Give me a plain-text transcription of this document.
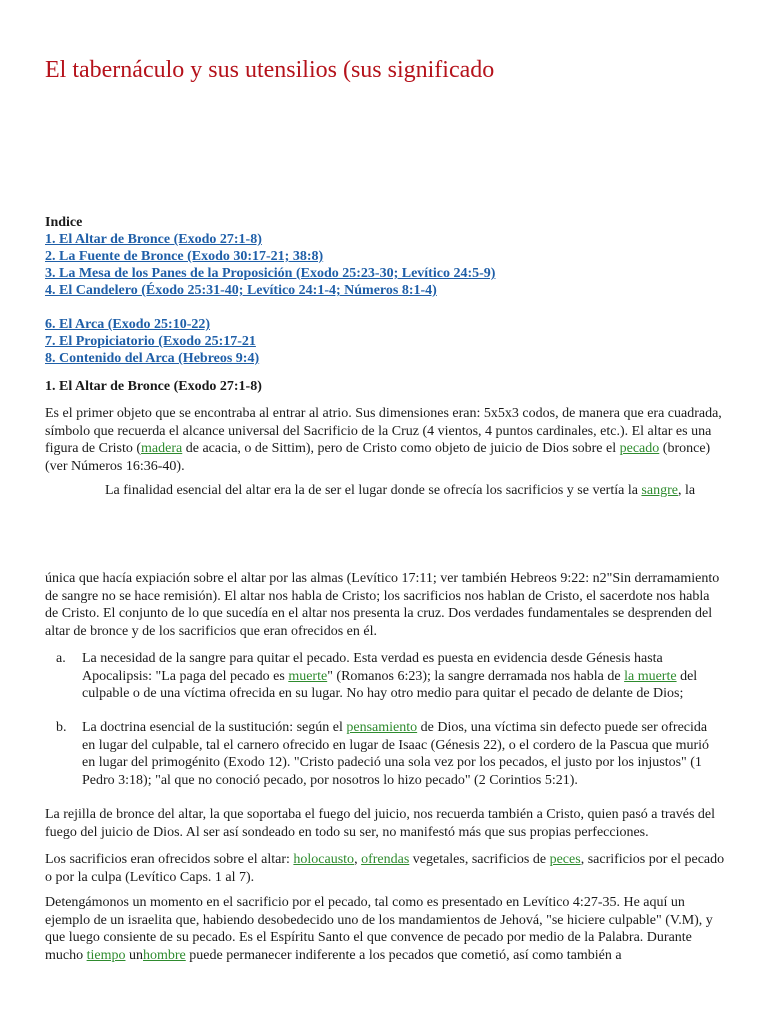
El tabernáculo y sus utensilios (sus significado
Indice
1. El Altar de Bronce (Exodo 27:1-8)
2. La Fuente de Bronce (Exodo 30:17-21; 38:8)
3. La Mesa de los Panes de la Proposición (Exodo 25:23-30; Levítico 24:5-9)
4. El Candelero (Éxodo 25:31-40; Levítico 24:1-4; Números 8:1-4)
6. El Arca (Exodo 25:10-22)
7. El Propiciatorio (Exodo 25:17-21
8. Contenido del Arca (Hebreos 9:4)
1. El Altar de Bronce (Exodo 27:1-8)

Es el primer objeto que se encontraba al entrar al atrio. Sus dimensiones eran: 5x5x3 codos, de manera que era cuadrada, símbolo que recuerda el alcance universal del Sacrificio de la Cruz (4 vientos, 4 puntos cardinales, etc.). El altar es una figura de Cristo (madera de acacia, o de Sittim), pero de Cristo como objeto de juicio de Dios sobre el pecado (bronce) (ver Números 16:36-40).

La finalidad esencial del altar era la de ser el lugar donde se ofrecía los sacrificios y se vertía la sangre, la

única que hacía expiación sobre el altar por las almas (Levítico 17:11; ver también Hebreos 9:22: n2"Sin derramamiento de sangre no se hace remisión). El altar nos habla de Cristo; los sacrificios nos hablan de Cristo, el sacerdote nos habla de Cristo. El conjunto de lo que sucedía en el altar nos presenta la cruz. Dos verdades fundamentales se desprenden del altar de bronce y de los sacrificios que eran ofrecidos en él.

a. La necesidad de la sangre para quitar el pecado. Esta verdad es puesta en evidencia desde Génesis hasta Apocalipsis: "La paga del pecado es muerte" (Romanos 6:23); la sangre derramada nos habla de la muerte del culpable o de una víctima ofrecida en su lugar. No hay otro medio para quitar el pecado de delante de Dios;
b. La doctrina esencial de la sustitución: según el pensamiento de Dios, una víctima sin defecto puede ser ofrecida en lugar del culpable, tal el carnero ofrecido en lugar de Isaac (Génesis 22), o el cordero de la Pascua que murió en lugar del primogénito (Exodo 12). "Cristo padeció una sola vez por los pecados, el justo por los injustos" (1 Pedro 3:18); "al que no conoció pecado, por nosotros lo hizo pecado" (2 Corintios 5:21).

La rejilla de bronce del altar, la que soportaba el fuego del juicio, nos recuerda también a Cristo, quien pasó a través del fuego del juicio de Dios. Al ser así sondeado en todo su ser, no manifestó más que sus propias perfecciones.

Los sacrificios eran ofrecidos sobre el altar: holocausto, ofrendas vegetales, sacrificios de peces, sacrificios por el pecado o por la culpa (Levítico Caps. 1 al 7).

Detengámonos un momento en el sacrificio por el pecado, tal como es presentado en Levítico 4:27-35. He aquí un ejemplo de un israelita que, habiendo desobedecido uno de los mandamientos de Jehová, "se hiciere culpable" (V.M), y que luego consiente de su pecado. Es el Espíritu Santo el que convence de pecado por medio de la Palabra. Durante mucho tiempo unhombre puede permanecer indiferente a los pecados que cometió, así como también a
